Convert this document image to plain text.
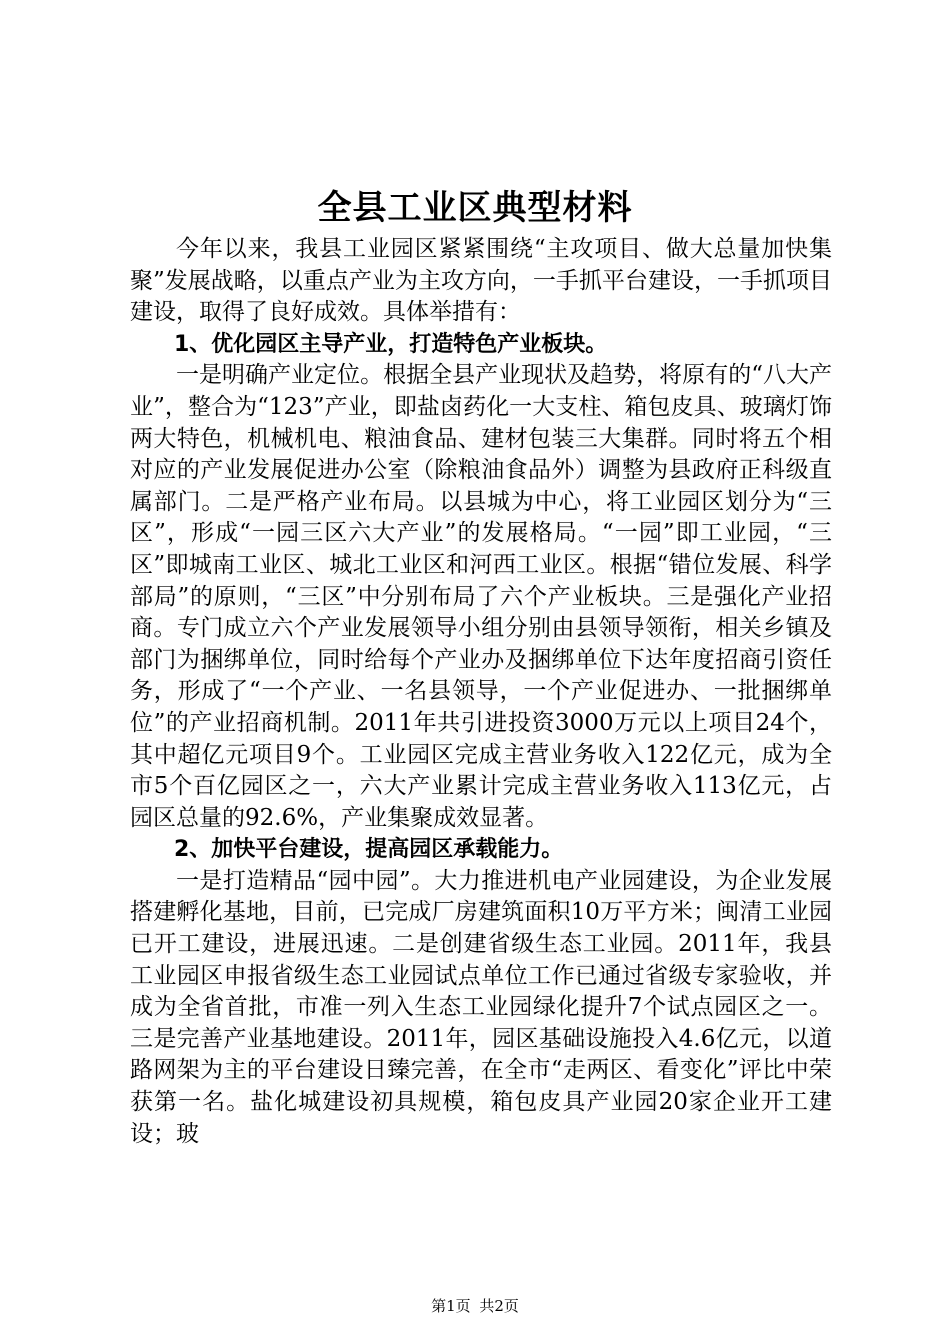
全县工业区典型材料

今年以来，我县工业园区紧紧围绕“主攻项目、做大总量加快集聚”发展战略，以重点产业为主攻方向，一手抓平台建设，一手抓项目建设，取得了良好成效。具体举措有：

1、优化园区主导产业，打造特色产业板块。

一是明确产业定位。根据全县产业现状及趋势，将原有的“八大产业”，整合为“123”产业，即盐卤药化一大支柱、箱包皮具、玻璃灯饰两大特色，机械机电、粮油食品、建材包装三大集群。同时将五个相对应的产业发展促进办公室（除粮油食品外）调整为县政府正科级直属部门。二是严格产业布局。以县城为中心，将工业园区划分为“三区”，形成“一园三区六大产业”的发展格局。“一园”即工业园，“三区”即城南工业区、城北工业区和河西工业区。根据“错位发展、科学部局”的原则，“三区”中分别布局了六个产业板块。三是强化产业招商。专门成立六个产业发展领导小组分别由县领导领衔，相关乡镇及部门为捆绑单位，同时给每个产业办及捆绑单位下达年度招商引资任务，形成了“一个产业、一名县领导，一个产业促进办、一批捆绑单位”的产业招商机制。2011年共引进投资3000万元以上项目24个，其中超亿元项目9个。工业园区完成主营业务收入122亿元，成为全市5个百亿园区之一，六大产业累计完成主营业务收入113亿元，占园区总量的92.6%，产业集聚成效显著。

2、加快平台建设，提高园区承载能力。

一是打造精品“园中园”。大力推进机电产业园建设，为企业发展搭建孵化基地，目前，已完成厂房建筑面积10万平方米；闽清工业园已开工建设，进展迅速。二是创建省级生态工业园。2011年，我县工业园区申报省级生态工业园试点单位工作已通过省级专家验收，并成为全省首批，市准一列入生态工业园绿化提升7个试点园区之一。三是完善产业基地建设。2011年，园区基础设施投入4.6亿元，以道路网架为主的平台建设日臻完善，在全市“走两区、看变化”评比中荣获第一名。盐化城建设初具规模，箱包皮具产业园20家企业开工建设；玻

第1页 共2页
